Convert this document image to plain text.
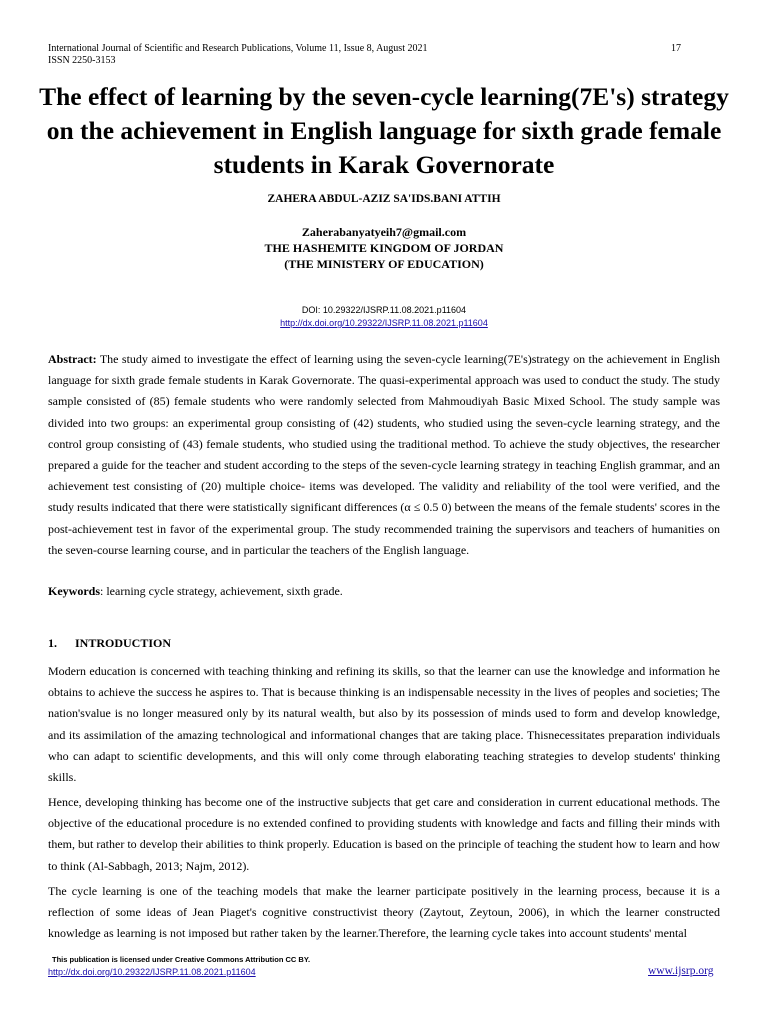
International Journal of Scientific and Research Publications, Volume 11, Issue 8, August 2021	17
ISSN 2250-3153
The effect of learning by the seven-cycle learning(7E's) strategy on the achievement in English language for sixth grade female students in Karak Governorate
ZAHERA ABDUL-AZIZ SA'IDS.BANI ATTIH
Zaherabanyatyeih7@gmail.com
THE HASHEMITE KINGDOM OF JORDAN
(THE MINISTERY OF EDUCATION)
DOI: 10.29322/IJSRP.11.08.2021.p11604
http://dx.doi.org/10.29322/IJSRP.11.08.2021.p11604

Abstract: The study aimed to investigate the effect of learning using the seven-cycle learning(7E's)strategy on the achievement in English language for sixth grade female students in Karak Governorate. The quasi-experimental approach was used to conduct the study. The study sample consisted of (85) female students who were randomly selected from Mahmoudiyah Basic Mixed School. The study sample was divided into two groups: an experimental group consisting of (42) students, who studied using the seven-cycle learning strategy, and the control group consisting of (43) female students, who studied using the traditional method. To achieve the study objectives, the researcher prepared a guide for the teacher and student according to the steps of the seven-cycle learning strategy in teaching English grammar, and an achievement test consisting of (20) multiple choice- items was developed. The validity and reliability of the tool were verified, and the study results indicated that there were statistically significant differences (α ≤ 0.5 0) between the means of the female students' scores in the post-achievement test in favor of the experimental group. The study recommended training the supervisors and teachers of humanities on the seven-course learning course, and in particular the teachers of the English language.

Keywords: learning cycle strategy, achievement, sixth grade.

1. INTRODUCTION

Modern education is concerned with teaching thinking and refining its skills, so that the learner can use the knowledge and information he obtains to achieve the success he aspires to. That is because thinking is an indispensable necessity in the lives of peoples and societies; The nation'svalue is no longer measured only by its natural wealth, but also by its possession of minds used to form and develop knowledge, and its assimilation of the amazing technological and informational changes that are taking place. Thisnecessitates preparation individuals who can adapt to scientific developments, and this will only come through elaborating teaching strategies to develop students' thinking skills.

Hence, developing thinking has become one of the instructive subjects that get care and consideration in current educational methods. The objective of the educational procedure is no extended confined to providing students with knowledge and facts and filling their minds with them, but rather to develop their abilities to think properly. Education is based on the principle of teaching the student how to learn and how to think (Al-Sabbagh, 2013; Najm, 2012).

The cycle learning is one of the teaching models that make the learner participate positively in the learning process, because it is a reflection of some ideas of Jean Piaget's cognitive constructivist theory (Zaytout, Zeytoun, 2006), in which the learner constructed knowledge as learning is not imposed but rather taken by the learner.Therefore, the learning cycle takes into account students' mental

This publication is licensed under Creative Commons Attribution CC BY.
http://dx.doi.org/10.29322/IJSRP.11.08.2021.p11604	www.ijsrp.org
